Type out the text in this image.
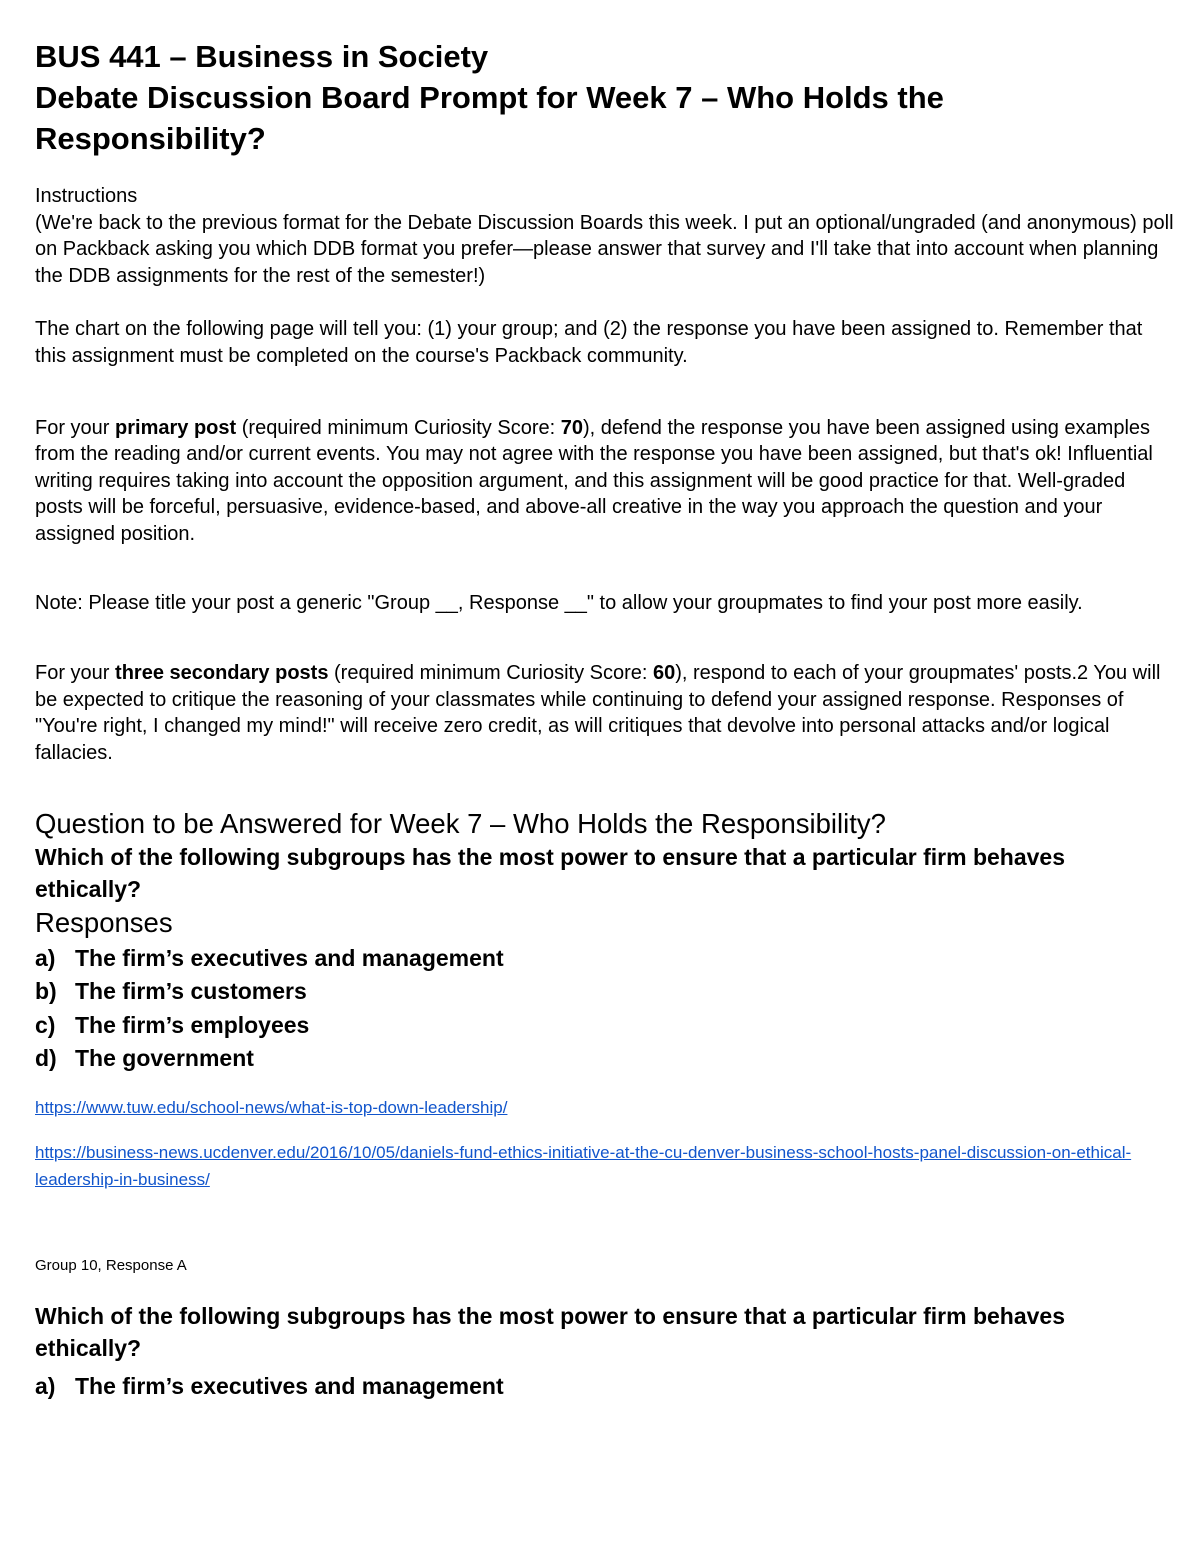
BUS 441 – Business in Society
Debate Discussion Board Prompt for Week 7 – Who Holds the
Responsibility?

Instructions

(We're back to the previous format for the Debate Discussion Boards this week. I put an optional/ungraded (and anonymous) poll on Packback asking you which DDB format you prefer—please answer that survey and I'll take that into account when planning the DDB assignments for the rest of the semester!)

The chart on the following page will tell you: (1) your group; and (2) the response you have been assigned to. Remember that this assignment must be completed on the course's Packback community.

For your primary post (required minimum Curiosity Score: 70), defend the response you have been assigned using examples from the reading and/or current events. You may not agree with the response you have been assigned, but that's ok! Influential writing requires taking into account the opposition argument, and this assignment will be good practice for that. Well-graded posts will be forceful, persuasive, evidence-based, and above-all creative in the way you approach the question and your assigned position.

Note: Please title your post a generic "Group __, Response __" to allow your groupmates to find your post more easily.

For your three secondary posts (required minimum Curiosity Score: 60), respond to each of your groupmates' posts.2 You will be expected to critique the reasoning of your classmates while continuing to defend your assigned response. Responses of "You're right, I changed my mind!" will receive zero credit, as will critiques that devolve into personal attacks and/or logical fallacies.

Question to be Answered for Week 7 – Who Holds the Responsibility?

Which of the following subgroups has the most power to ensure that a particular firm behaves ethically?

Responses

a) The firm’s executives and management

b) The firm’s customers

c) The firm’s employees

d) The government

https://www.tuw.edu/school-news/what-is-top-down-leadership/

https://business-news.ucdenver.edu/2016/10/05/daniels-fund-ethics-initiative-at-the-cu-denver-business-school-hosts-panel-discussion-on-ethical-leadership-in-business/

Group 10, Response A

Which of the following subgroups has the most power to ensure that a particular firm behaves ethically?

a) The firm’s executives and management
